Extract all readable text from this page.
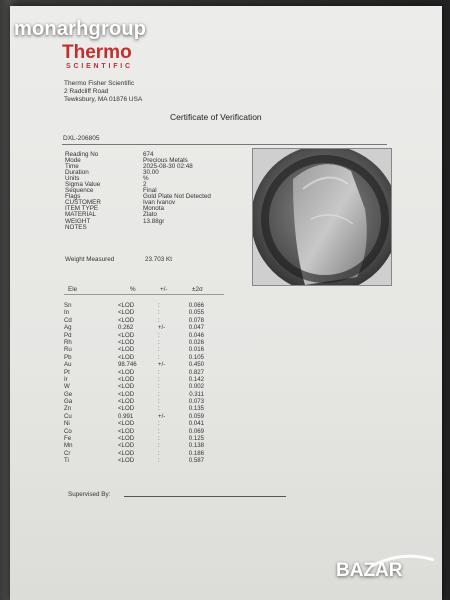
monarhgroup
Thermo
SCIENTIFIC
Thermo Fisher Scientific
2 Radcliff Road
Tewksbury, MA 01876 USA
Certificate of Verification
DXL-206805
Reading No	674
Mode	Precious Metals
Time	2025-08-30 02:48
Duration	30.00
Units	%
Sigma Value	2
Sequence	Final
Flags	Gold Plate Not Detected
CUSTOMER	Ivan Ivanov
ITEM TYPE	Monota
MATERIAL	Zlato
WEIGHT	13.88gr
NOTES
Weight Measured	23.703 Kt
Ele	%	+/-	±2σ
Sn	<LOD	:	0.066
In	<LOD	:	0.055
Cd	<LOD	:	0.078
Ag	0.262	+/-	0.047
Pd	<LOD	:	0.046
Rh	<LOD	:	0.026
Ru	<LOD	:	0.016
Pb	<LOD	:	0.105
Au	98.746	+/-	0.450
Pt	<LOD	:	0.827
Ir	<LOD	:	0.142
W	<LOD	:	0.002
Ge	<LOD	:	0.311
Ga	<LOD	:	0.073
Zn	<LOD	:	0.135
Cu	0.991	+/-	0.059
Ni	<LOD	:	0.041
Co	<LOD	:	0.069
Fe	<LOD	:	0.125
Mn	<LOD	:	0.138
Cr	<LOD	:	0.186
Ti	<LOD	:	0.587
Supervised By:
BAZAR
